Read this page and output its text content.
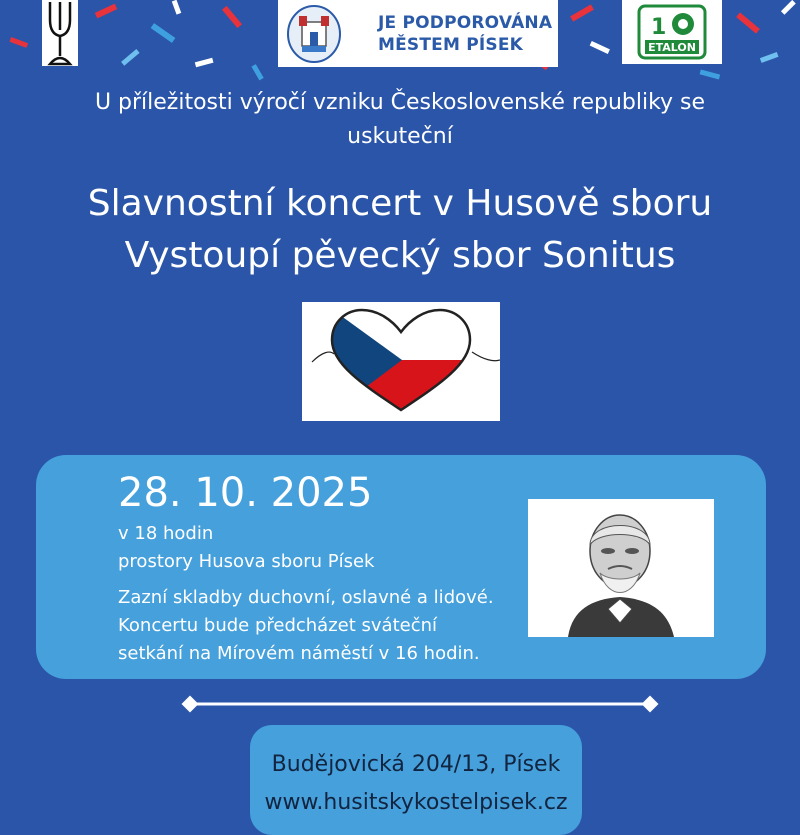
JE PODPOROVÁNA
MĚSTEM PÍSEK
1
ETALON
U příležitosti výročí vzniku Československé republiky se
uskuteční
Slavnostní koncert v Husově sboru
Vystoupí pěvecký sbor Sonitus
28. 10. 2025
v 18 hodin
prostory Husova sboru Písek
Zazní skladby duchovní, oslavné a lidové.
Koncertu bude předcházet sváteční
setkání na Mírovém náměstí v 16 hodin.
Budějovická 204/13, Písek
www.husitskykostelpisek.cz
